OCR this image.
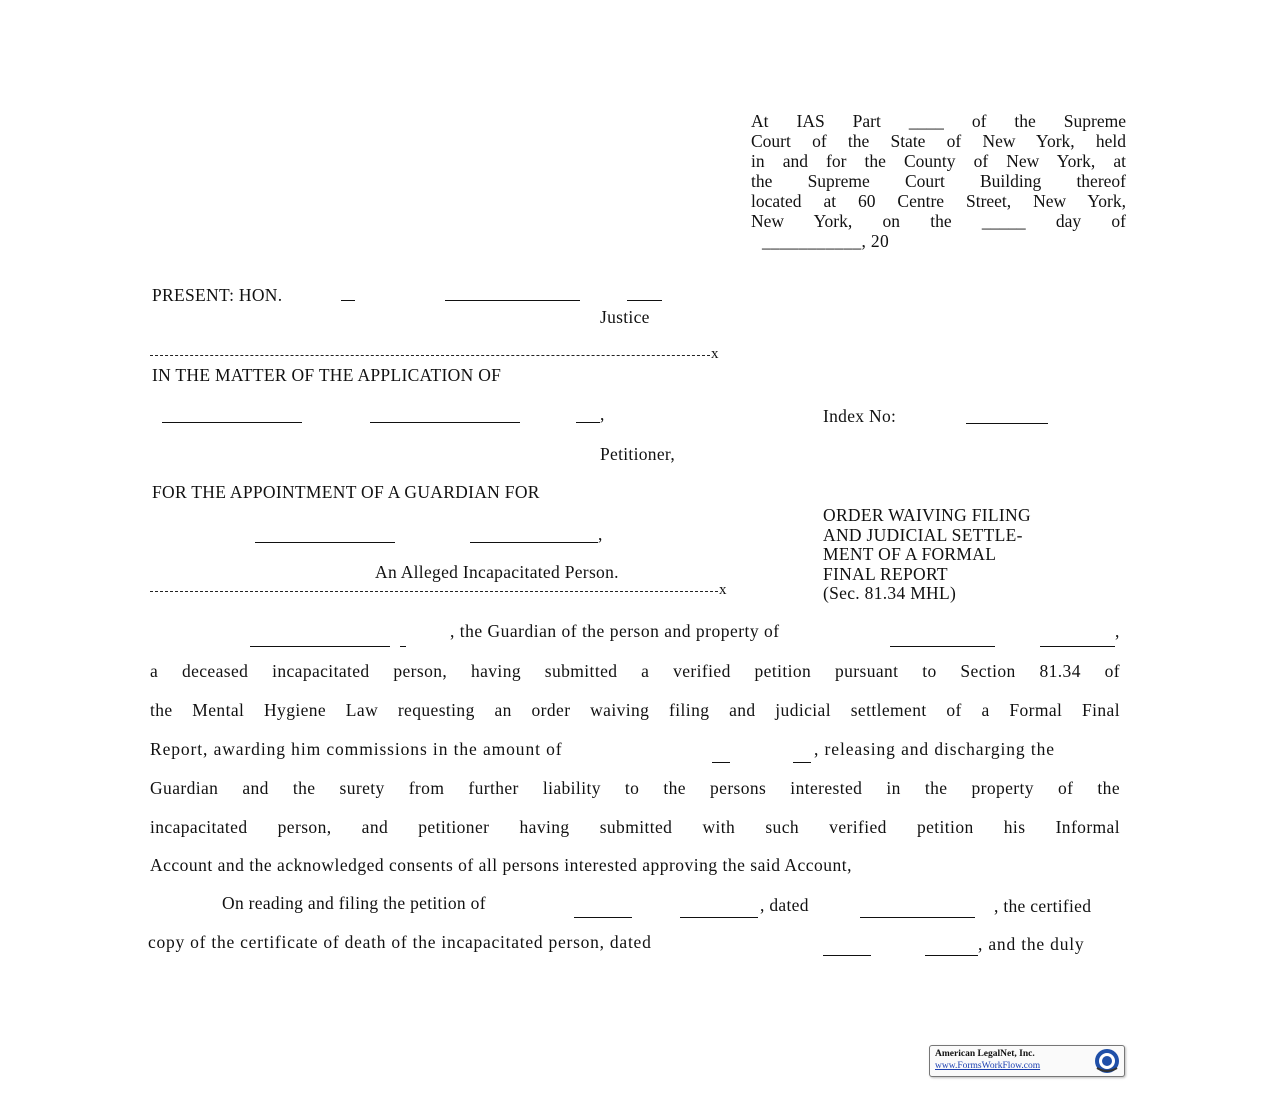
At IAS Part ____ of the Supreme
Court of the State of New York, held
in and for the County of New York, at
the Supreme Court Building thereof
located at 60 Centre Street, New York,
New York, on the _____ day of
___________, 20
PRESENT: HON.
Justice
x
IN THE MATTER OF THE APPLICATION OF
,	Index No:
Petitioner,
FOR THE APPOINTMENT OF A GUARDIAN FOR
,
An Alleged Incapacitated Person.
ORDER WAIVING FILING
AND JUDICIAL SETTLE-
MENT OF A FORMAL
FINAL REPORT
(Sec. 81.34 MHL)
x
, the Guardian of the person and property of	,
a deceased incapacitated person, having submitted a verified petition pursuant to Section 81.34 of
the Mental Hygiene Law requesting an order waiving filing and judicial settlement of a Formal Final
Report, awarding him commissions in the amount of	, releasing and discharging the
Guardian and the surety from further liability to the persons interested in the property of the
incapacitated person, and petitioner having submitted with such verified petition his Informal
Account and the acknowledged consents of all persons interested approving the said Account,
On reading and filing the petition of	, dated	, the certified
copy of the certificate of death of the incapacitated person, dated	, and the duly
American LegalNet, Inc.
www.FormsWorkFlow.com
